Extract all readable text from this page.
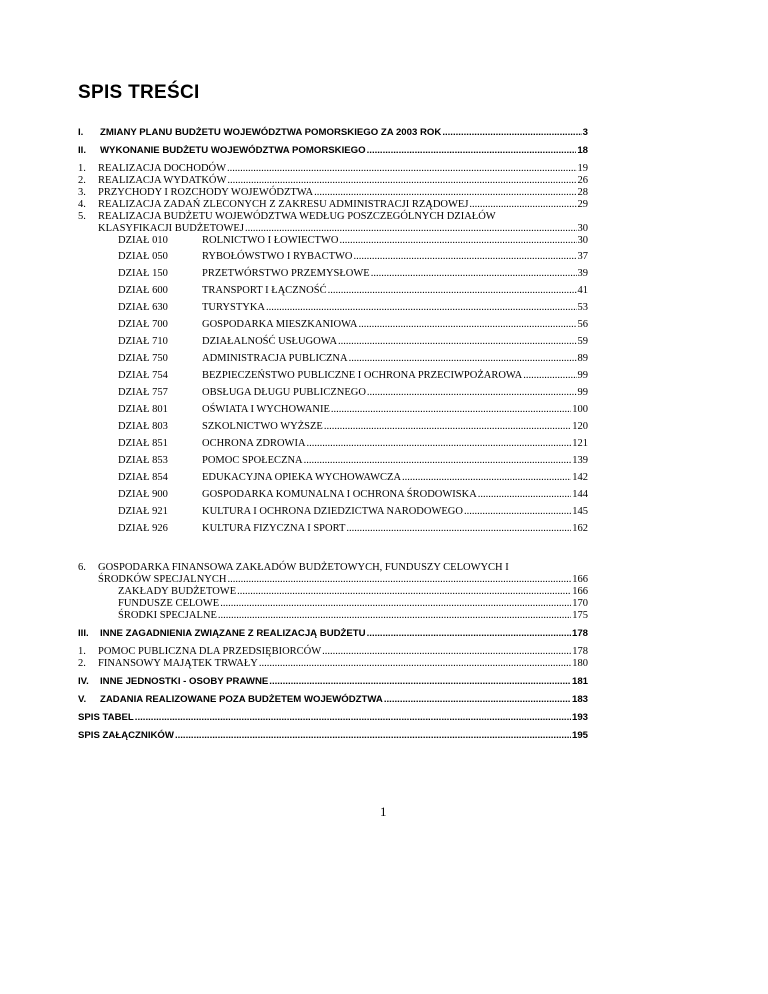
SPIS TREŚCI
I.	ZMIANY PLANU BUDŻETU WOJEWÓDZTWA POMORSKIEGO ZA 2003 ROK .....	3
II.	WYKONANIE BUDŻETU WOJEWÓDZTWA POMORSKIEGO .....	18
1.	REALIZACJA DOCHODÓW .....	19
2.	REALIZACJA WYDATKÓW .....	26
3.	PRZYCHODY I ROZCHODY WOJEWÓDZTWA .....	28
4.	REALIZACJA ZADAŃ ZLECONYCH Z ZAKRESU ADMINISTRACJI RZĄDOWEJ .....	29
5.	REALIZACJA BUDŻETU WOJEWÓDZTWA WEDŁUG POSZCZEGÓLNYCH DZIAŁÓW
KLASYFIKACJI BUDŻETOWEJ .....	30
DZIAŁ 010	ROLNICTWO I ŁOWIECTWO .....	30
DZIAŁ 050	RYBOŁÓWSTWO I RYBACTWO .....	37
DZIAŁ 150	PRZETWÓRSTWO PRZEMYSŁOWE .....	39
DZIAŁ 600	TRANSPORT I ŁĄCZNOŚĆ .....	41
DZIAŁ 630	TURYSTYKA .....	53
DZIAŁ 700	GOSPODARKA MIESZKANIOWA .....	56
DZIAŁ 710	DZIAŁALNOŚĆ USŁUGOWA .....	59
DZIAŁ 750	ADMINISTRACJA PUBLICZNA .....	89
DZIAŁ 754	BEZPIECZEŃSTWO PUBLICZNE I OCHRONA PRZECIWPOŻAROWA .....	99
DZIAŁ 757	OBSŁUGA DŁUGU PUBLICZNEGO .....	99
DZIAŁ 801	OŚWIATA I WYCHOWANIE .....	100
DZIAŁ 803	SZKOLNICTWO WYŻSZE .....	120
DZIAŁ 851	OCHRONA ZDROWIA .....	121
DZIAŁ 853	POMOC SPOŁECZNA .....	139
DZIAŁ 854	EDUKACYJNA OPIEKA WYCHOWAWCZA .....	142
DZIAŁ 900	GOSPODARKA KOMUNALNA I OCHRONA ŚRODOWISKA .....	144
DZIAŁ 921	KULTURA I OCHRONA DZIEDZICTWA NARODOWEGO .....	145
DZIAŁ 926	KULTURA FIZYCZNA I SPORT .....	162
6.	GOSPODARKA FINANSOWA ZAKŁADÓW BUDŻETOWYCH, FUNDUSZY CELOWYCH I
ŚRODKÓW SPECJALNYCH .....	166
ZAKŁADY BUDŻETOWE .....	166
FUNDUSZE CELOWE .....	170
ŚRODKI SPECJALNE .....	175
III.	INNE ZAGADNIENIA ZWIĄZANE Z REALIZACJĄ BUDŻETU .....	178
1.	POMOC PUBLICZNA DLA PRZEDSIĘBIORCÓW .....	178
2.	FINANSOWY MAJĄTEK TRWAŁY .....	180
IV.	INNE JEDNOSTKI - OSOBY PRAWNE .....	181
V.	ZADANIA REALIZOWANE POZA BUDŻETEM WOJEWÓDZTWA .....	183
SPIS TABEL .....	193
SPIS ZAŁĄCZNIKÓW .....	195
1
